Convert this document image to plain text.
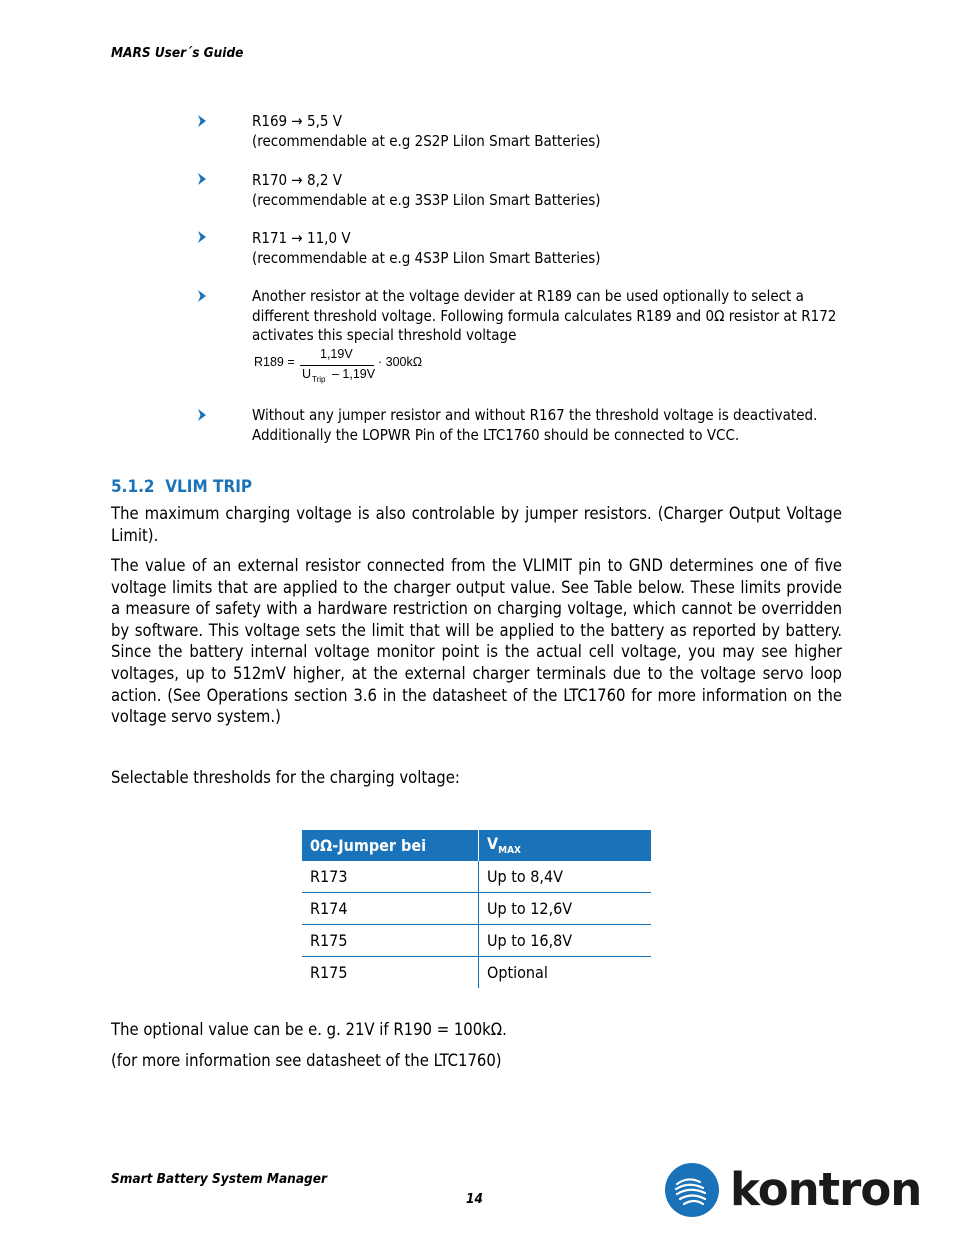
MARS User´s Guide
R169 → 5,5 V
(recommendable at e.g 2S2P LiIon Smart Batteries)
R170 → 8,2 V
(recommendable at e.g 3S3P LiIon Smart Batteries)
R171 → 11,0 V
(recommendable at e.g 4S3P LiIon Smart Batteries)
Another resistor at the voltage devider at R189 can be used optionally to select a different threshold voltage. Following formula calculates R189 and 0Ω resistor at R172 activates this special threshold voltage
R189 =
1,19V
U Trip – 1,19V
· 300kΩ
Without any jumper resistor and without R167 the threshold voltage is deactivated. Additionally the LOPWR Pin of the LTC1760 should be connected to VCC.
5.1.2 VLIM TRIP
The maximum charging voltage is also controlable by jumper resistors. (Charger Output Voltage Limit).
The value of an external resistor connected from the VLIMIT pin to GND determines one of five voltage limits that are applied to the charger output value. See Table below. These limits provide a measure of safety with a hardware restriction on charging voltage, which cannot be overridden by software. This voltage sets the limit that will be applied to the battery as reported by battery. Since the battery internal voltage monitor point is the actual cell voltage, you may see higher voltages, up to 512mV higher, at the external charger terminals due to the voltage servo loop action. (See Operations section 3.6 in the datasheet of the LTC1760 for more information on the voltage servo system.)
Selectable thresholds for the charging voltage:
0Ω-Jumper bei	$V_{MAX}$
R173	Up to 8,4V
R174	Up to 12,6V
R175	Up to 16,8V
R175	Optional
The optional value can be e. g. 21V if R190 = 100kΩ.
(for more information see datasheet of the LTC1760)
Smart Battery System Manager
14	kontron
